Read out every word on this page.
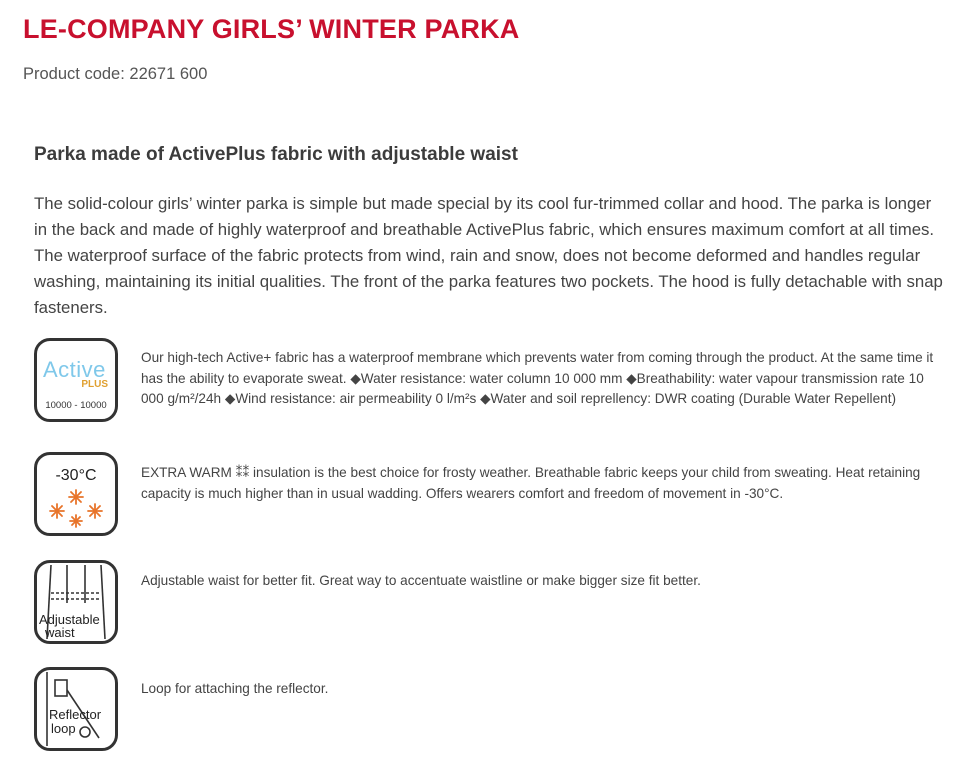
LE-COMPANY GIRLS’ WINTER PARKA
Product code: 22671 600
Parka made of ActivePlus fabric with adjustable waist

The solid-colour girls’ winter parka is simple but made special by its cool fur-trimmed collar and hood. The parka is longer in the back and made of highly waterproof and breathable ActivePlus fabric, which ensures maximum comfort at all times. The waterproof surface of the fabric protects from wind, rain and snow, does not become deformed and handles regular washing, maintaining its initial qualities. The front of the parka features two pockets. The hood is fully detachable with snap fasteners.

Active
PLUS
10000 - 10000

Our high-tech Active+ fabric has a waterproof membrane which prevents water from coming through the product. At the same time it has the ability to evaporate sweat. ◆Water resistance: water column 10 000 mm ◆Breathability: water vapour transmission rate 10 000 g/m²/24h ◆Wind resistance: air permeability 0 l/m²s ◆Water and soil reprellency: DWR coating (Durable Water Repellent)

-30°C	EXTRA WARM ⁑⁑ insulation is the best choice for frosty weather. Breathable fabric keeps your child from sweating. Heat retaining capacity is much higher than in usual wadding. Offers wearers comfort and freedom of movement in -30°C.

Adjustable
waist

Adjustable waist for better fit. Great way to accentuate waistline or make bigger size fit better.

Reflector
loop

Loop for attaching the reflector.
